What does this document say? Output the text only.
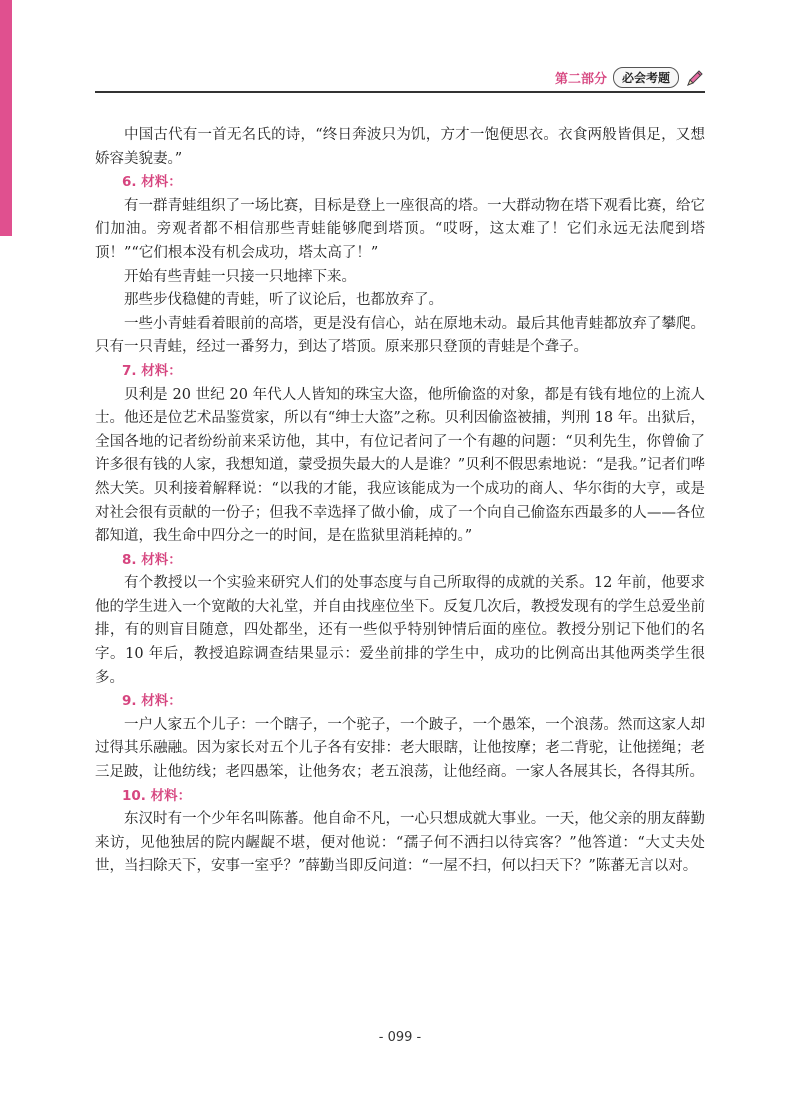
第二部分	必会考题

中国古代有一首无名氏的诗，“终日奔波只为饥，方才一饱便思衣。衣食两般皆俱足，又想娇容美貌妻。”

6. 材料：

有一群青蛙组织了一场比赛，目标是登上一座很高的塔。一大群动物在塔下观看比赛，给它们加油。旁观者都不相信那些青蛙能够爬到塔顶。“哎呀，这太难了！它们永远无法爬到塔顶！”“它们根本没有机会成功，塔太高了！”

开始有些青蛙一只接一只地摔下来。

那些步伐稳健的青蛙，听了议论后，也都放弃了。

一些小青蛙看着眼前的高塔，更是没有信心，站在原地未动。最后其他青蛙都放弃了攀爬。只有一只青蛙，经过一番努力，到达了塔顶。原来那只登顶的青蛙是个聋子。

7. 材料：

贝利是 20 世纪 20 年代人人皆知的珠宝大盗，他所偷盗的对象，都是有钱有地位的上流人士。他还是位艺术品鉴赏家，所以有“绅士大盗”之称。贝利因偷盗被捕，判刑 18 年。出狱后，全国各地的记者纷纷前来采访他，其中，有位记者问了一个有趣的问题：“贝利先生，你曾偷了许多很有钱的人家，我想知道，蒙受损失最大的人是谁？”贝利不假思索地说：“是我。”记者们哗然大笑。贝利接着解释说：“以我的才能，我应该能成为一个成功的商人、华尔街的大亨，或是对社会很有贡献的一份子；但我不幸选择了做小偷，成了一个向自己偷盗东西最多的人——各位都知道，我生命中四分之一的时间，是在监狱里消耗掉的。”

8. 材料：

有个教授以一个实验来研究人们的处事态度与自己所取得的成就的关系。12 年前，他要求他的学生进入一个宽敞的大礼堂，并自由找座位坐下。反复几次后，教授发现有的学生总爱坐前排，有的则盲目随意，四处都坐，还有一些似乎特别钟情后面的座位。教授分别记下他们的名字。10 年后，教授追踪调查结果显示：爱坐前排的学生中，成功的比例高出其他两类学生很多。

9. 材料：

一户人家五个儿子：一个瞎子，一个驼子，一个跛子，一个愚笨，一个浪荡。然而这家人却过得其乐融融。因为家长对五个儿子各有安排：老大眼瞎，让他按摩；老二背驼，让他搓绳；老三足跛，让他纺线；老四愚笨，让他务农；老五浪荡，让他经商。一家人各展其长，各得其所。

10. 材料：

东汉时有一个少年名叫陈蕃。他自命不凡，一心只想成就大事业。一天，他父亲的朋友薛勤来访，见他独居的院内龌龊不堪，便对他说：“孺子何不洒扫以待宾客？”他答道：“大丈夫处世，当扫除天下，安事一室乎？”薛勤当即反问道：“一屋不扫，何以扫天下？”陈蕃无言以对。

- 099 -
